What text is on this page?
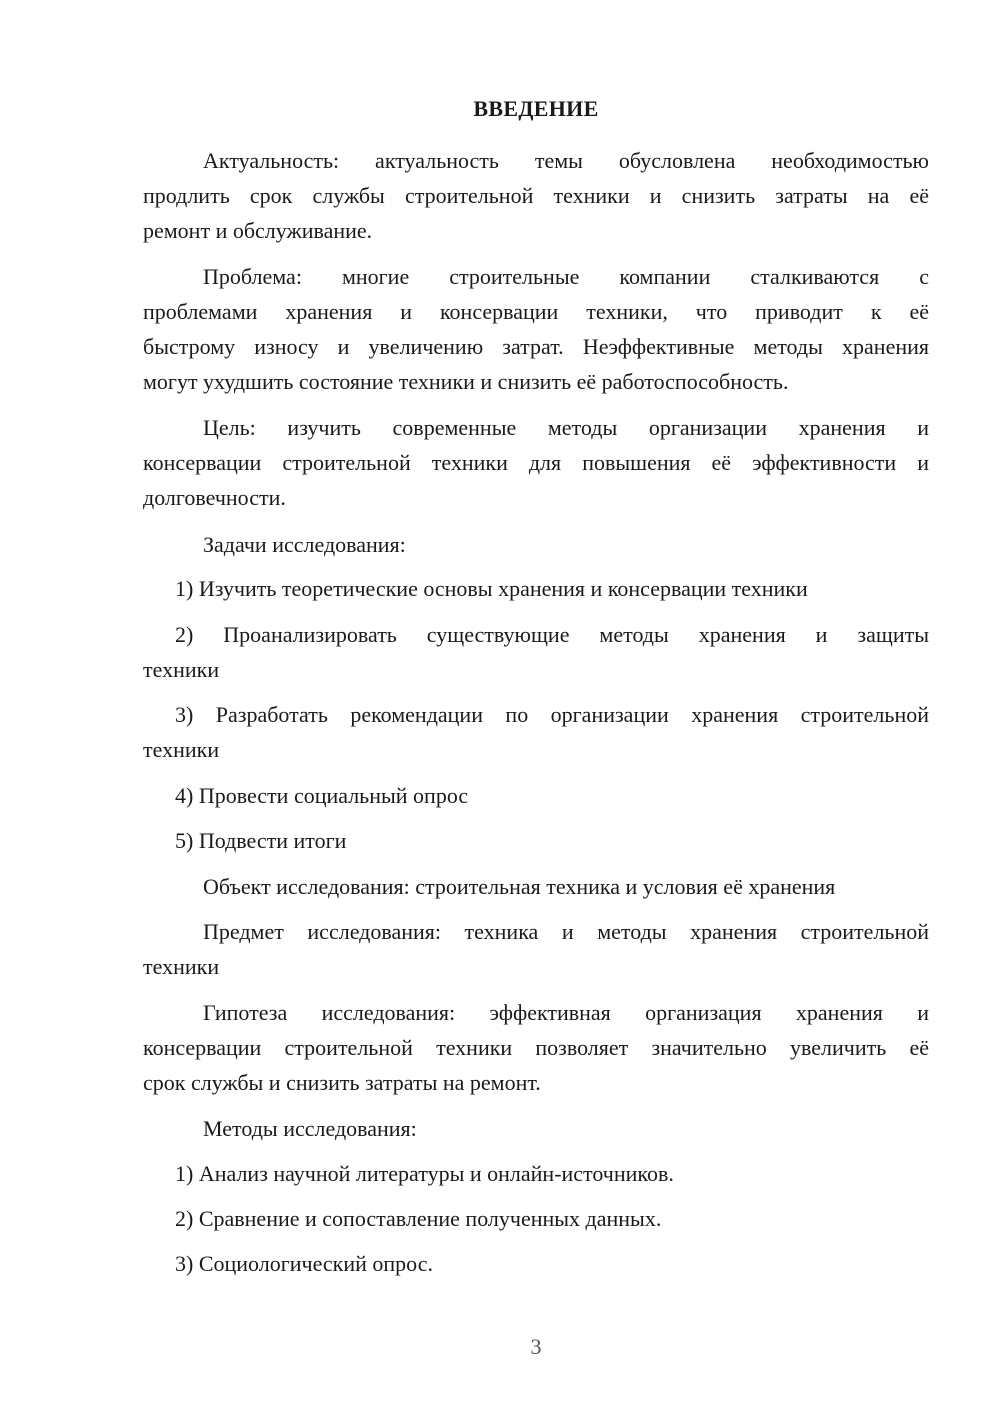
ВВЕДЕНИЕ
Актуальность: актуальность темы обусловлена необходимостью
продлить срок службы строительной техники и снизить затраты на её
ремонт и обслуживание.
Проблема: многие строительные компании сталкиваются с
проблемами хранения и консервации техники, что приводит к её
быстрому износу и увеличению затрат. Неэффективные методы хранения
могут ухудшить состояние техники и снизить её работоспособность.
Цель: изучить современные методы организации хранения и
консервации строительной техники для повышения её эффективности и
долговечности.
Задачи исследования:
1) Изучить теоретические основы хранения и консервации техники
2) Проанализировать существующие методы хранения и защиты
техники
3) Разработать рекомендации по организации хранения строительной
техники
4) Провести социальный опрос
5) Подвести итоги
Объект исследования: строительная техника и условия её хранения
Предмет исследования: техника и методы хранения строительной
техники
Гипотеза исследования: эффективная организация хранения и
консервации строительной техники позволяет значительно увеличить её
срок службы и снизить затраты на ремонт.
Методы исследования:
1) Анализ научной литературы и онлайн-источников.
2) Сравнение и сопоставление полученных данных.
3) Социологический опрос.
3
